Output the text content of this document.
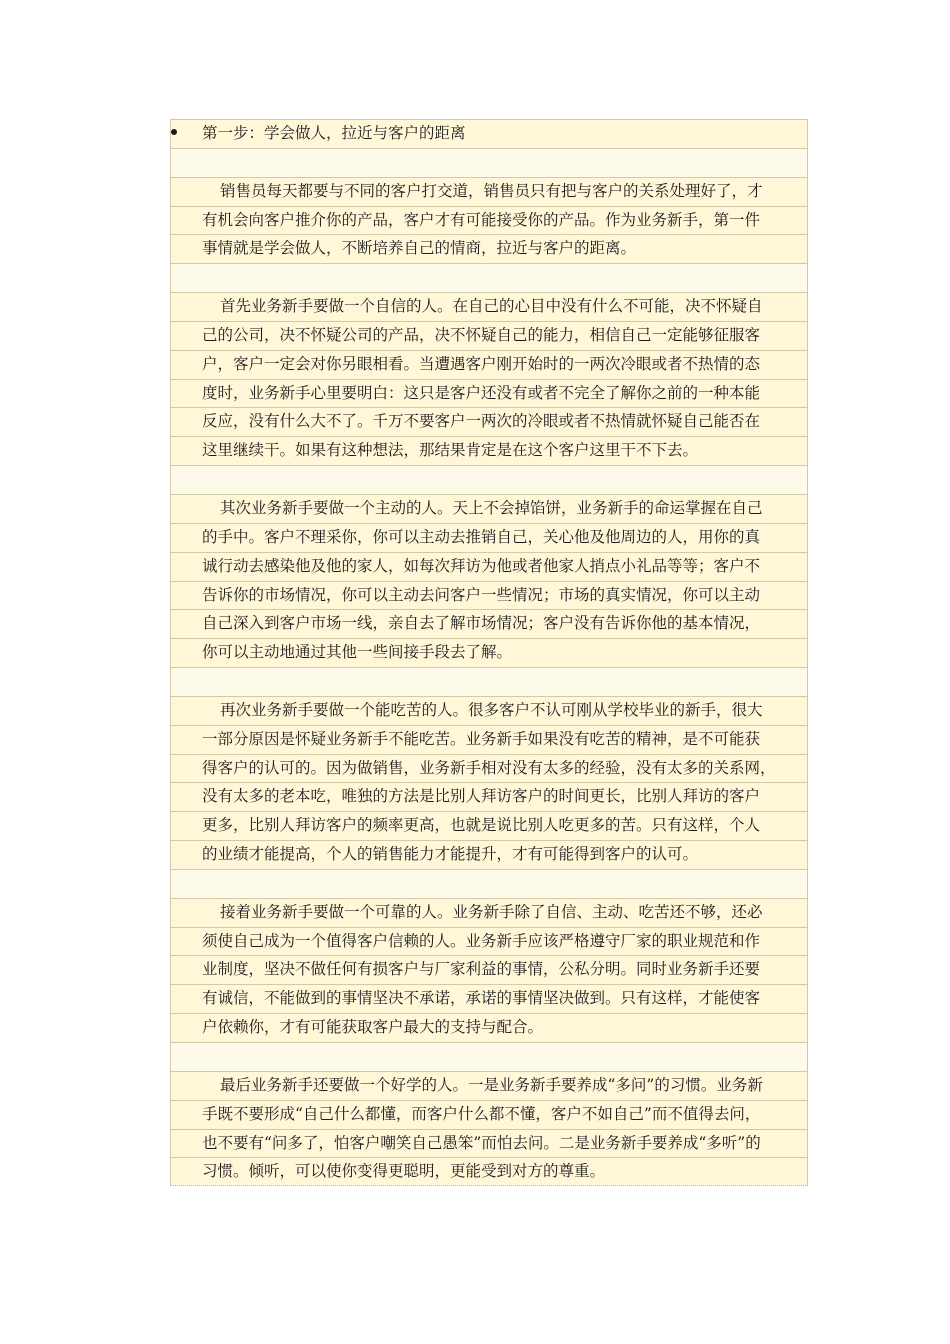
第一步：学会做人，拉近与客户的距离
销售员每天都要与不同的客户打交道，销售员只有把与客户的关系处理好了，才
有机会向客户推介你的产品，客户才有可能接受你的产品。作为业务新手，第一件
事情就是学会做人，不断培养自己的情商，拉近与客户的距离。
首先业务新手要做一个自信的人。在自己的心目中没有什么不可能，决不怀疑自
己的公司，决不怀疑公司的产品，决不怀疑自己的能力，相信自己一定能够征服客
户，客户一定会对你另眼相看。当遭遇客户刚开始时的一两次冷眼或者不热情的态
度时，业务新手心里要明白：这只是客户还没有或者不完全了解你之前的一种本能
反应，没有什么大不了。千万不要客户一两次的冷眼或者不热情就怀疑自己能否在
这里继续干。如果有这种想法，那结果肯定是在这个客户这里干不下去。
其次业务新手要做一个主动的人。天上不会掉馅饼，业务新手的命运掌握在自己
的手中。客户不理采你，你可以主动去推销自己，关心他及他周边的人，用你的真
诚行动去感染他及他的家人，如每次拜访为他或者他家人捎点小礼品等等；客户不
告诉你的市场情况，你可以主动去问客户一些情况；市场的真实情况，你可以主动
自己深入到客户市场一线，亲自去了解市场情况；客户没有告诉你他的基本情况，
你可以主动地通过其他一些间接手段去了解。
再次业务新手要做一个能吃苦的人。很多客户不认可刚从学校毕业的新手，很大
一部分原因是怀疑业务新手不能吃苦。业务新手如果没有吃苦的精神，是不可能获
得客户的认可的。因为做销售，业务新手相对没有太多的经验，没有太多的关系网，
没有太多的老本吃，唯独的方法是比别人拜访客户的时间更长，比别人拜访的客户
更多，比别人拜访客户的频率更高，也就是说比别人吃更多的苦。只有这样，个人
的业绩才能提高，个人的销售能力才能提升，才有可能得到客户的认可。
接着业务新手要做一个可靠的人。业务新手除了自信、主动、吃苦还不够，还必
须使自己成为一个值得客户信赖的人。业务新手应该严格遵守厂家的职业规范和作
业制度，坚决不做任何有损客户与厂家利益的事情，公私分明。同时业务新手还要
有诚信，不能做到的事情坚决不承诺，承诺的事情坚决做到。只有这样，才能使客
户依赖你，才有可能获取客户最大的支持与配合。
最后业务新手还要做一个好学的人。一是业务新手要养成“多问”的习惯。业务新
手既不要形成“自己什么都懂，而客户什么都不懂，客户不如自己”而不值得去问，
也不要有“问多了，怕客户嘲笑自己愚笨”而怕去问。二是业务新手要养成“多听”的
习惯。倾听，可以使你变得更聪明，更能受到对方的尊重。
